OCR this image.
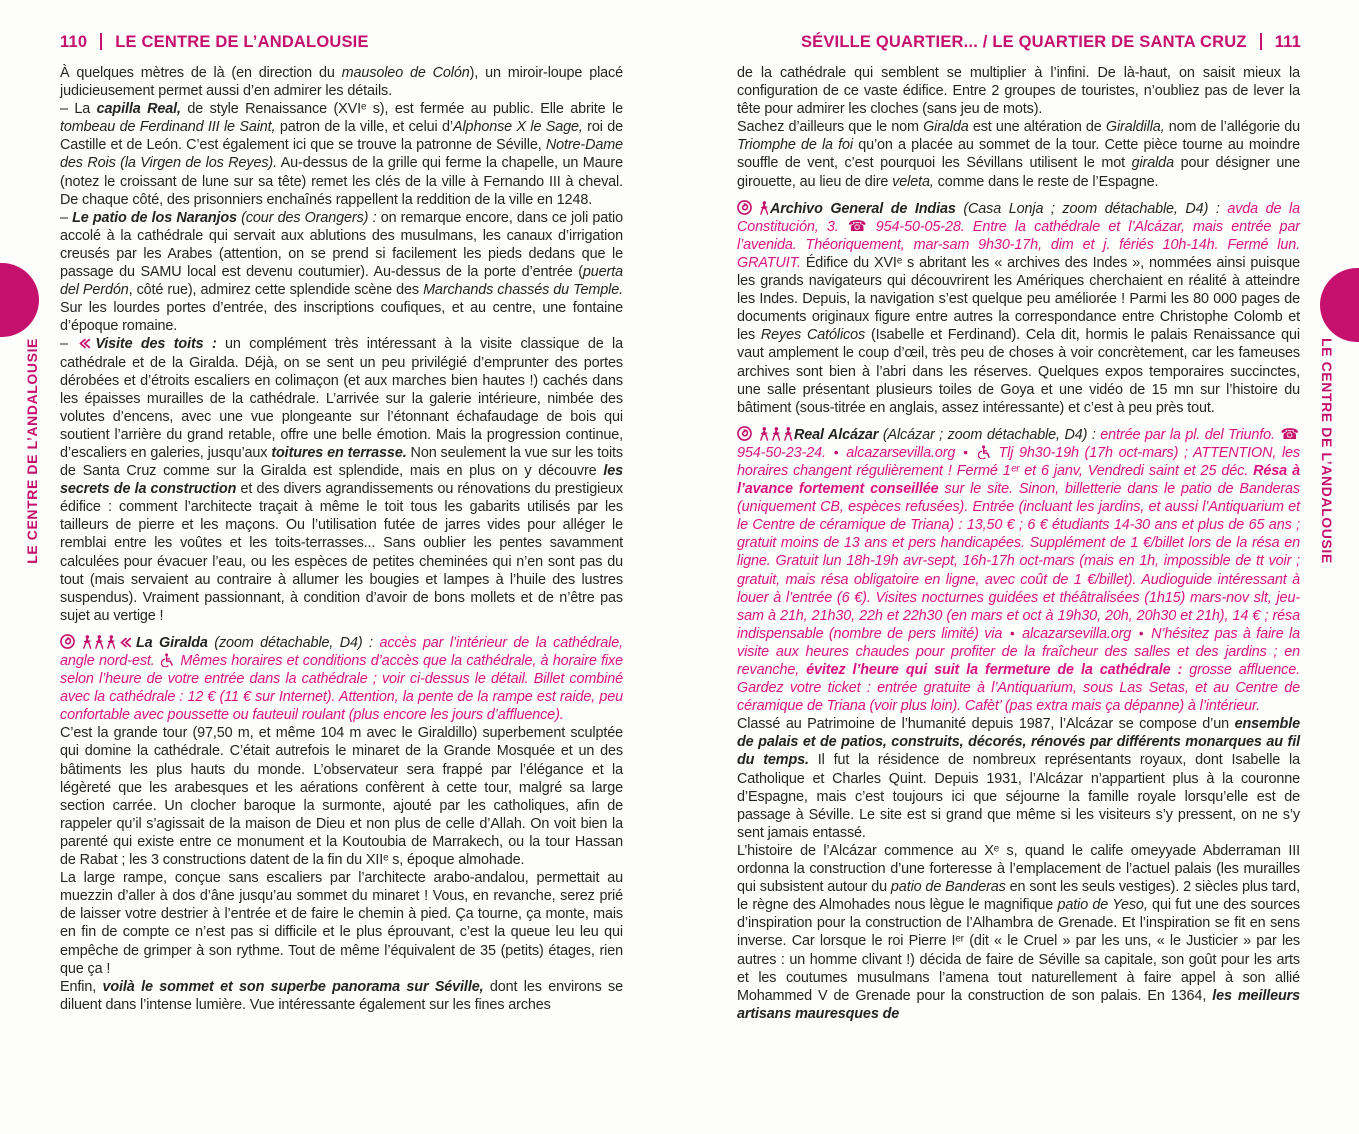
110 LE CENTRE DE L’ANDALOUSIE	SÉVILLE QUARTIER... / LE QUARTIER DE SANTA CRUZ 111
LE CENTRE DE L’ANDALOUSIE	LE CENTRE DE L’ANDALOUSIE
À quelques mètres de là (en direction du mausoleo de Colón), un miroir-loupe placé judicieusement permet aussi d’en admirer les détails.
– La capilla Real, de style Renaissance (XVIᵉ s), est fermée au public. Elle abrite le tombeau de Ferdinand III le Saint, patron de la ville, et celui d’Alphonse X le Sage, roi de Castille et de León. C’est également ici que se trouve la patronne de Séville, Notre-Dame des Rois (la Virgen de los Reyes). Au-dessus de la grille qui ferme la chapelle, un Maure (notez le croissant de lune sur sa tête) remet les clés de la ville à Fernando III à cheval. De chaque côté, des prisonniers enchaînés rappellent la reddition de la ville en 1248.
– Le patio de los Naranjos (cour des Orangers) : on remarque encore, dans ce joli patio accolé à la cathédrale qui servait aux ablutions des musulmans, les canaux d’irrigation creusés par les Arabes (attention, on se prend si facilement les pieds dedans que le passage du SAMU local est devenu coutumier). Au-dessus de la porte d’entrée (puerta del Perdón, côté rue), admirez cette splendide scène des Marchands chassés du Temple. Sur les lourdes portes d’entrée, des inscriptions coufiques, et au centre, une fontaine d’époque romaine.
– Visite des toits : un complément très intéressant à la visite classique de la cathédrale et de la Giralda. Déjà, on se sent un peu privilégié d’emprunter des portes dérobées et d’étroits escaliers en colimaçon (et aux marches bien hautes !) cachés dans les épaisses murailles de la cathédrale. L’arrivée sur la galerie intérieure, nimbée des volutes d’encens, avec une vue plongeante sur l’étonnant échafaudage de bois qui soutient l’arrière du grand retable, offre une belle émotion. Mais la progression continue, d’escaliers en galeries, jusqu’aux toitures en terrasse. Non seulement la vue sur les toits de Santa Cruz comme sur la Giralda est splendide, mais en plus on y découvre les secrets de la construction et des divers agrandissements ou rénovations du prestigieux édifice : comment l’architecte traçait à même le toit tous les gabarits utilisés par les tailleurs de pierre et les maçons. Ou l’utilisation futée de jarres vides pour alléger le remblai entre les voûtes et les toits-terrasses... Sans oublier les pentes savamment calculées pour évacuer l’eau, ou les espèces de petites cheminées qui n’en sont pas du tout (mais servaient au contraire à allumer les bougies et lampes à l’huile des lustres suspendus). Vraiment passionnant, à condition d’avoir de bons mollets et de n’être pas sujet au vertige !
La Giralda (zoom détachable, D4) : accès par l’intérieur de la cathédrale, angle nord-est.  Mêmes horaires et conditions d’accès que la cathédrale, à horaire fixe selon l’heure de votre entrée dans la cathédrale ; voir ci-dessus le détail. Billet combiné avec la cathédrale : 12 € (11 € sur Internet). Attention, la pente de la rampe est raide, peu confortable avec poussette ou fauteuil roulant (plus encore les jours d’affluence).
C’est la grande tour (97,50 m, et même 104 m avec le Giraldillo) superbement sculptée qui domine la cathédrale. C’était autrefois le minaret de la Grande Mosquée et un des bâtiments les plus hauts du monde. L’observateur sera frappé par l’élégance et la légèreté que les arabesques et les aérations confèrent à cette tour, malgré sa large section carrée. Un clocher baroque la surmonte, ajouté par les catholiques, afin de rappeler qu’il s’agissait de la maison de Dieu et non plus de celle d’Allah. On voit bien la parenté qui existe entre ce monument et la Koutoubia de Marrakech, ou la tour Hassan de Rabat ; les 3 constructions datent de la fin du XIIᵉ s, époque almohade.
La large rampe, conçue sans escaliers par l’architecte arabo-andalou, permettait au muezzin d’aller à dos d’âne jusqu’au sommet du minaret ! Vous, en revanche, serez prié de laisser votre destrier à l’entrée et de faire le chemin à pied. Ça tourne, ça monte, mais en fin de compte ce n’est pas si difficile et le plus éprouvant, c’est la queue leu leu qui empêche de grimper à son rythme. Tout de même l’équivalent de 35 (petits) étages, rien que ça !
Enfin, voilà le sommet et son superbe panorama sur Séville, dont les environs se diluent dans l’intense lumière. Vue intéressante également sur les fines arches
de la cathédrale qui semblent se multiplier à l’infini. De là-haut, on saisit mieux la configuration de ce vaste édifice. Entre 2 groupes de touristes, n’oubliez pas de lever la tête pour admirer les cloches (sans jeu de mots).
Sachez d’ailleurs que le nom Giralda est une altération de Giraldilla, nom de l’allégorie du Triomphe de la foi qu’on a placée au sommet de la tour. Cette pièce tourne au moindre souffle de vent, c’est pourquoi les Sévillans utilisent le mot giralda pour désigner une girouette, au lieu de dire veleta, comme dans le reste de l’Espagne.
Archivo General de Indias (Casa Lonja ; zoom détachable, D4) : avda de la Constitución, 3. ☎ 954-50-05-28. Entre la cathédrale et l’Alcázar, mais entrée par l’avenida. Théoriquement, mar-sam 9h30-17h, dim et j. fériés 10h-14h. Fermé lun. GRATUIT. Édifice du XVIᵉ s abritant les « archives des Indes », nommées ainsi puisque les grands navigateurs qui découvrirent les Amériques cherchaient en réalité à atteindre les Indes. Depuis, la navigation s’est quelque peu améliorée ! Parmi les 80 000 pages de documents originaux figure entre autres la correspondance entre Christophe Colomb et les Reyes Católicos (Isabelle et Ferdinand). Cela dit, hormis le palais Renaissance qui vaut amplement le coup d’œil, très peu de choses à voir concrètement, car les fameuses archives sont bien à l’abri dans les réserves. Quelques expos temporaires succinctes, une salle présentant plusieurs toiles de Goya et une vidéo de 15 mn sur l’histoire du bâtiment (sous-titrée en anglais, assez intéressante) et c’est à peu près tout.
Real Alcázar (Alcázar ; zoom détachable, D4) : entrée par la pl. del Triunfo. ☎ 954-50-23-24. ● alcazarsevilla.org ●  Tlj 9h30-19h (17h oct-mars) ; ATTENTION, les horaires changent régulièrement ! Fermé 1ᵉʳ et 6 janv, Vendredi saint et 25 déc. Résa à l’avance fortement conseillée sur le site. Sinon, billetterie dans le patio de Banderas (uniquement CB, espèces refusées). Entrée (incluant les jardins, et aussi l’Antiquarium et le Centre de céramique de Triana) : 13,50 € ; 6 € étudiants 14-30 ans et plus de 65 ans ; gratuit moins de 13 ans et pers handicapées. Supplément de 1 €/billet lors de la résa en ligne. Gratuit lun 18h-19h avr-sept, 16h-17h oct-mars (mais en 1h, impossible de tt voir ; gratuit, mais résa obligatoire en ligne, avec coût de 1 €/billet). Audioguide intéressant à louer à l’entrée (6 €). Visites nocturnes guidées et théâtralisées (1h15) mars-nov slt, jeu-sam à 21h, 21h30, 22h et 22h30 (en mars et oct à 19h30, 20h, 20h30 et 21h), 14 € ; résa indispensable (nombre de pers limité) via ● alcazarsevilla.org ● N’hésitez pas à faire la visite aux heures chaudes pour profiter de la fraîcheur des salles et des jardins ; en revanche, évitez l’heure qui suit la fermeture de la cathédrale : grosse affluence. Gardez votre ticket : entrée gratuite à l’Antiquarium, sous Las Setas, et au Centre de céramique de Triana (voir plus loin). Cafèt’ (pas extra mais ça dépanne) à l’intérieur.
Classé au Patrimoine de l’humanité depuis 1987, l’Alcázar se compose d’un ensemble de palais et de patios, construits, décorés, rénovés par différents monarques au fil du temps. Il fut la résidence de nombreux représentants royaux, dont Isabelle la Catholique et Charles Quint. Depuis 1931, l’Alcázar n’appartient plus à la couronne d’Espagne, mais c’est toujours ici que séjourne la famille royale lorsqu’elle est de passage à Séville. Le site est si grand que même si les visiteurs s’y pressent, on ne s’y sent jamais entassé.
L’histoire de l’Alcázar commence au Xᵉ s, quand le calife omeyyade Abderraman III ordonna la construction d’une forteresse à l’emplacement de l’actuel palais (les murailles qui subsistent autour du patio de Banderas en sont les seuls vestiges). 2 siècles plus tard, le règne des Almohades nous lègue le magnifique patio de Yeso, qui fut une des sources d’inspiration pour la construction de l’Alhambra de Grenade. Et l’inspiration se fit en sens inverse. Car lorsque le roi Pierre Iᵉʳ (dit « le Cruel » par les uns, « le Justicier » par les autres : un homme clivant !) décida de faire de Séville sa capitale, son goût pour les arts et les coutumes musulmans l’amena tout naturellement à faire appel à son allié Mohammed V de Grenade pour la construction de son palais. En 1364, les meilleurs artisans mauresques de
